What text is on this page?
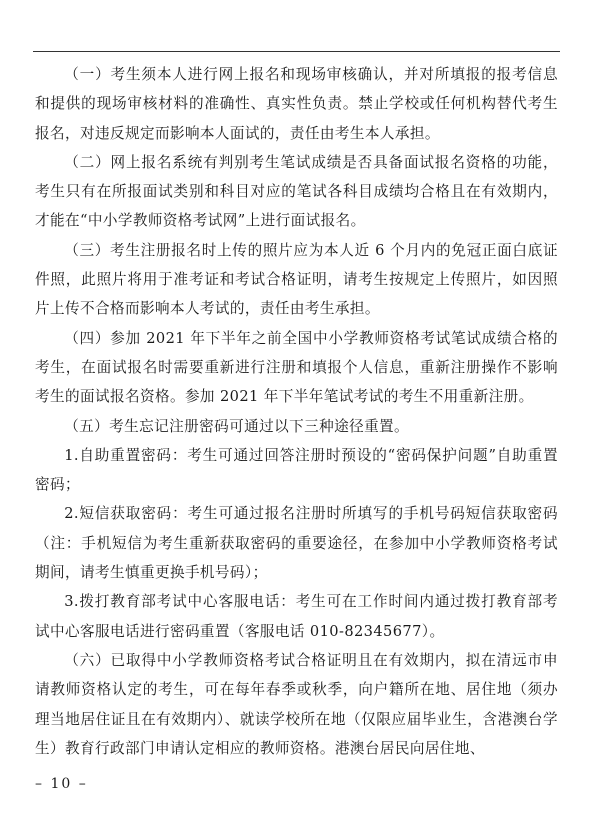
（一）考生须本人进行网上报名和现场审核确认，并对所填报的报考信息和提供的现场审核材料的准确性、真实性负责。禁止学校或任何机构替代考生报名，对违反规定而影响本人面试的，责任由考生本人承担。

（二）网上报名系统有判别考生笔试成绩是否具备面试报名资格的功能，考生只有在所报面试类别和科目对应的笔试各科目成绩均合格且在有效期内，才能在“中小学教师资格考试网”上进行面试报名。

（三）考生注册报名时上传的照片应为本人近 6 个月内的免冠正面白底证件照，此照片将用于准考证和考试合格证明，请考生按规定上传照片，如因照片上传不合格而影响本人考试的，责任由考生承担。

（四）参加 2021 年下半年之前全国中小学教师资格考试笔试成绩合格的考生，在面试报名时需要重新进行注册和填报个人信息，重新注册操作不影响考生的面试报名资格。参加 2021 年下半年笔试考试的考生不用重新注册。

（五）考生忘记注册密码可通过以下三种途径重置。

1.自助重置密码：考生可通过回答注册时预设的“密码保护问题”自助重置密码；

2.短信获取密码：考生可通过报名注册时所填写的手机号码短信获取密码（注：手机短信为考生重新获取密码的重要途径，在参加中小学教师资格考试期间，请考生慎重更换手机号码）；

3.拨打教育部考试中心客服电话：考生可在工作时间内通过拨打教育部考试中心客服电话进行密码重置（客服电话 010-82345677）。

（六）已取得中小学教师资格考试合格证明且在有效期内，拟在清远市申请教师资格认定的考生，可在每年春季或秋季，向户籍所在地、居住地（须办理当地居住证且在有效期内）、就读学校所在地（仅限应届毕业生，含港澳台学生）教育行政部门申请认定相应的教师资格。港澳台居民向居住地、

– 10 –
